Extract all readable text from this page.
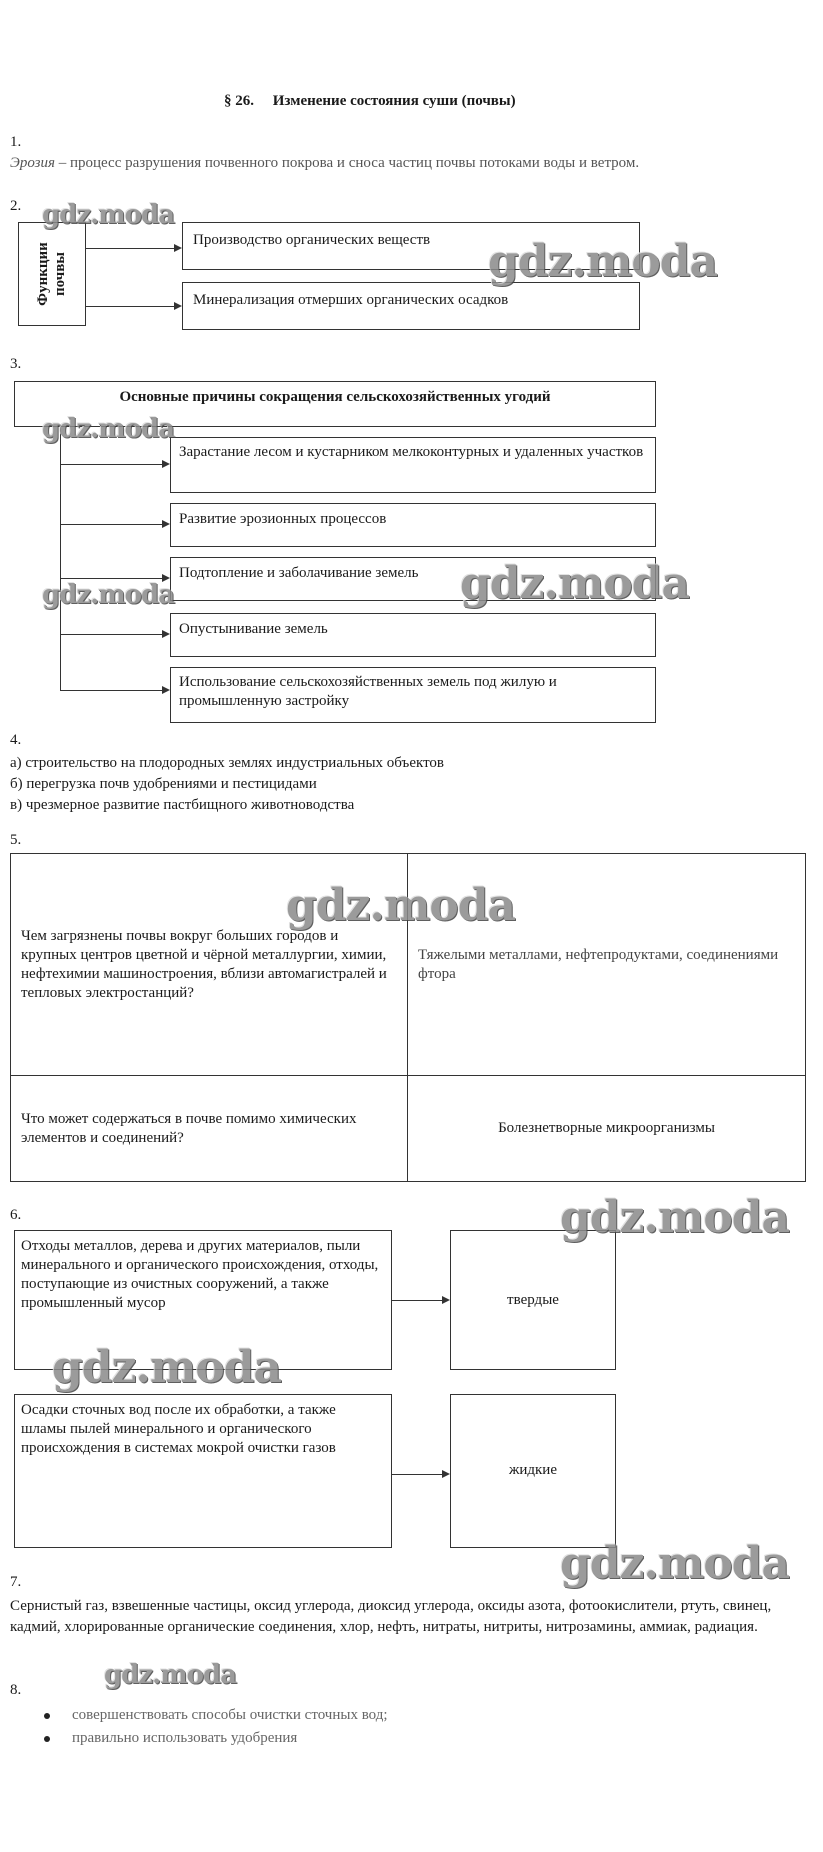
§ 26.     Изменение состояния суши (почвы)
1.
Эрозия – процесс разрушения почвенного покрова и сноса частиц почвы потоками воды и ветром.
2.
Функции почвы
Производство органических веществ
Минерализация отмерших органических осадков
3.
Основные причины сокращения сельскохозяйственных угодий
Зарастание лесом и кустарником мелкоконтурных и удаленных участков
Развитие эрозионных процессов
Подтопление и заболачивание земель
Опустынивание земель
Использование сельскохозяйственных земель под жилую и промышленную застройку
4.
а) строительство на плодородных землях индустриальных объектов
б) перегрузка почв удобрениями и пестицидами
в) чрезмерное развитие пастбищного животноводства
5.
Чем загрязнены почвы вокруг больших городов и крупных центров цветной и чёрной металлургии, химии, нефтехимии машиностроения, вблизи автомагистралей и тепловых электростанций?	Тяжелыми металлами, нефтепродуктами, соединениями фтора
Что может содержаться в почве помимо химических элементов и соединений?	Болезнетворные микроорганизмы
6.
Отходы металлов, дерева и других материалов, пыли минерального и органического происхождения, отходы, поступающие из очистных сооружений, а также промышленный мусор	твердые
Осадки сточных вод после их обработки, а также шламы пылей минерального и органического происхождения в системах мокрой очистки газов
жидкие
7.
Сернистый газ, взвешенные частицы, оксид углерода, диоксид углерода, оксиды азота, фотоокислители, ртуть, свинец, кадмий, хлорированные органические соединения, хлор, нефть, нитраты, нитриты, нитрозамины, аммиак, радиация.
8.
совершенствовать способы очистки сточных вод;
правильно использовать удобрения
gdz.moda
gdz.moda
gdz.moda
gdz.moda
gdz.moda
gdz.moda
gdz.moda
gdz.moda
gdz.moda
gdz.moda
